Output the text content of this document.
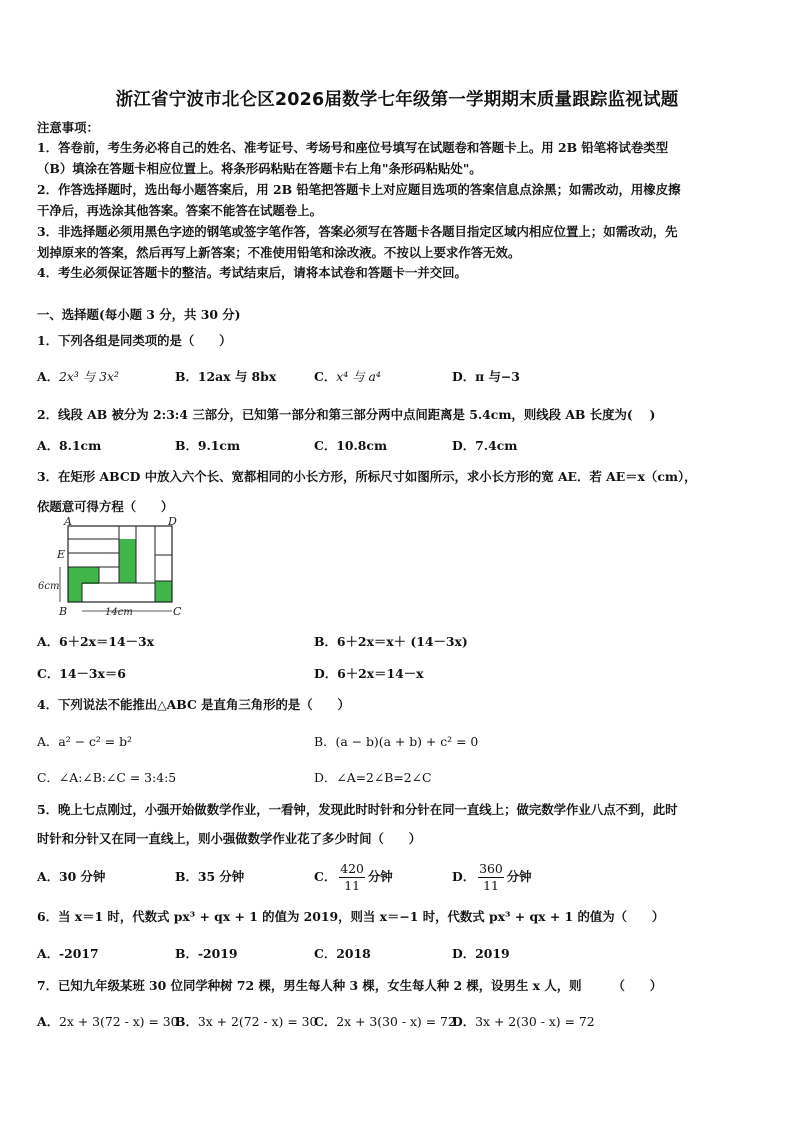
浙江省宁波市北仑区2026届数学七年级第一学期期末质量跟踪监视试题
注意事项：
1．答卷前，考生务必将自己的姓名、准考证号、考场号和座位号填写在试题卷和答题卡上。用 2B 铅笔将试卷类型
（B）填涂在答题卡相应位置上。将条形码粘贴在答题卡右上角"条形码粘贴处"。
2．作答选择题时，选出每小题答案后，用 2B 铅笔把答题卡上对应题目选项的答案信息点涂黑；如需改动，用橡皮擦
干净后，再选涂其他答案。答案不能答在试题卷上。
3．非选择题必须用黑色字迹的钢笔或签字笔作答，答案必须写在答题卡各题目指定区域内相应位置上；如需改动，先
划掉原来的答案，然后再写上新答案；不准使用铅笔和涂改液。不按以上要求作答无效。
4．考生必须保证答题卡的整洁。考试结束后，请将本试卷和答题卡一并交回。
一、选择题(每小题 3 分，共 30 分)
1．下列各组是同类项的是（　　）
A．2x³ 与 3x²	B．12ax 与 8bx	C．x⁴ 与 a⁴	D．π 与−3
2．线段 AB 被分为 2:3:4 三部分，已知第一部分和第三部分两中点间距离是 5.4cm，则线段 AB 长度为(　 )
A．8.1cm	B．9.1cm	C．10.8cm	D．7.4cm
3．在矩形 ABCD 中放入六个长、宽都相同的小长方形，所标尺寸如图所示，求小长方形的宽 AE．若 AE＝x（cm），
依题意可得方程（　　）
A	D
E
B	C
6cm
14cm
A．6＋2x＝14－3x	B．6＋2x＝x＋ (14－3x)
C．14－3x＝6	D．6＋2x＝14－x
4．下列说法不能推出△ABC 是直角三角形的是（　　）
A．a² − c² = b²	B．(a − b)(a + b) + c² = 0
C．∠A:∠B:∠C = 3:4:5	D．∠A=2∠B=2∠C
5．晚上七点刚过，小强开始做数学作业，一看钟，发现此时时针和分针在同一直线上；做完数学作业八点不到，此时
时针和分针又在同一直线上，则小强做数学作业花了多少时间（　　）
A．30 分钟	B．35 分钟	C． $\frac{420}{11}$ 分钟	D． $\frac{360}{11}$ 分钟
6．当 x＝1 时，代数式 px³ + qx + 1 的值为 2019，则当 x＝−1 时，代数式 px³ + qx + 1 的值为（　　）
A．-2017	B．-2019	C．2018	D．2019
7．已知九年级某班 30 位同学种树 72 棵，男生每人种 3 棵，女生每人种 2 棵，设男生 x 人，则　　　（　　）
A．2x + 3(72 - x) = 30
B．3x + 2(72 - x) = 30
C．2x + 3(30 - x) = 72
D．3x + 2(30 - x) = 72
